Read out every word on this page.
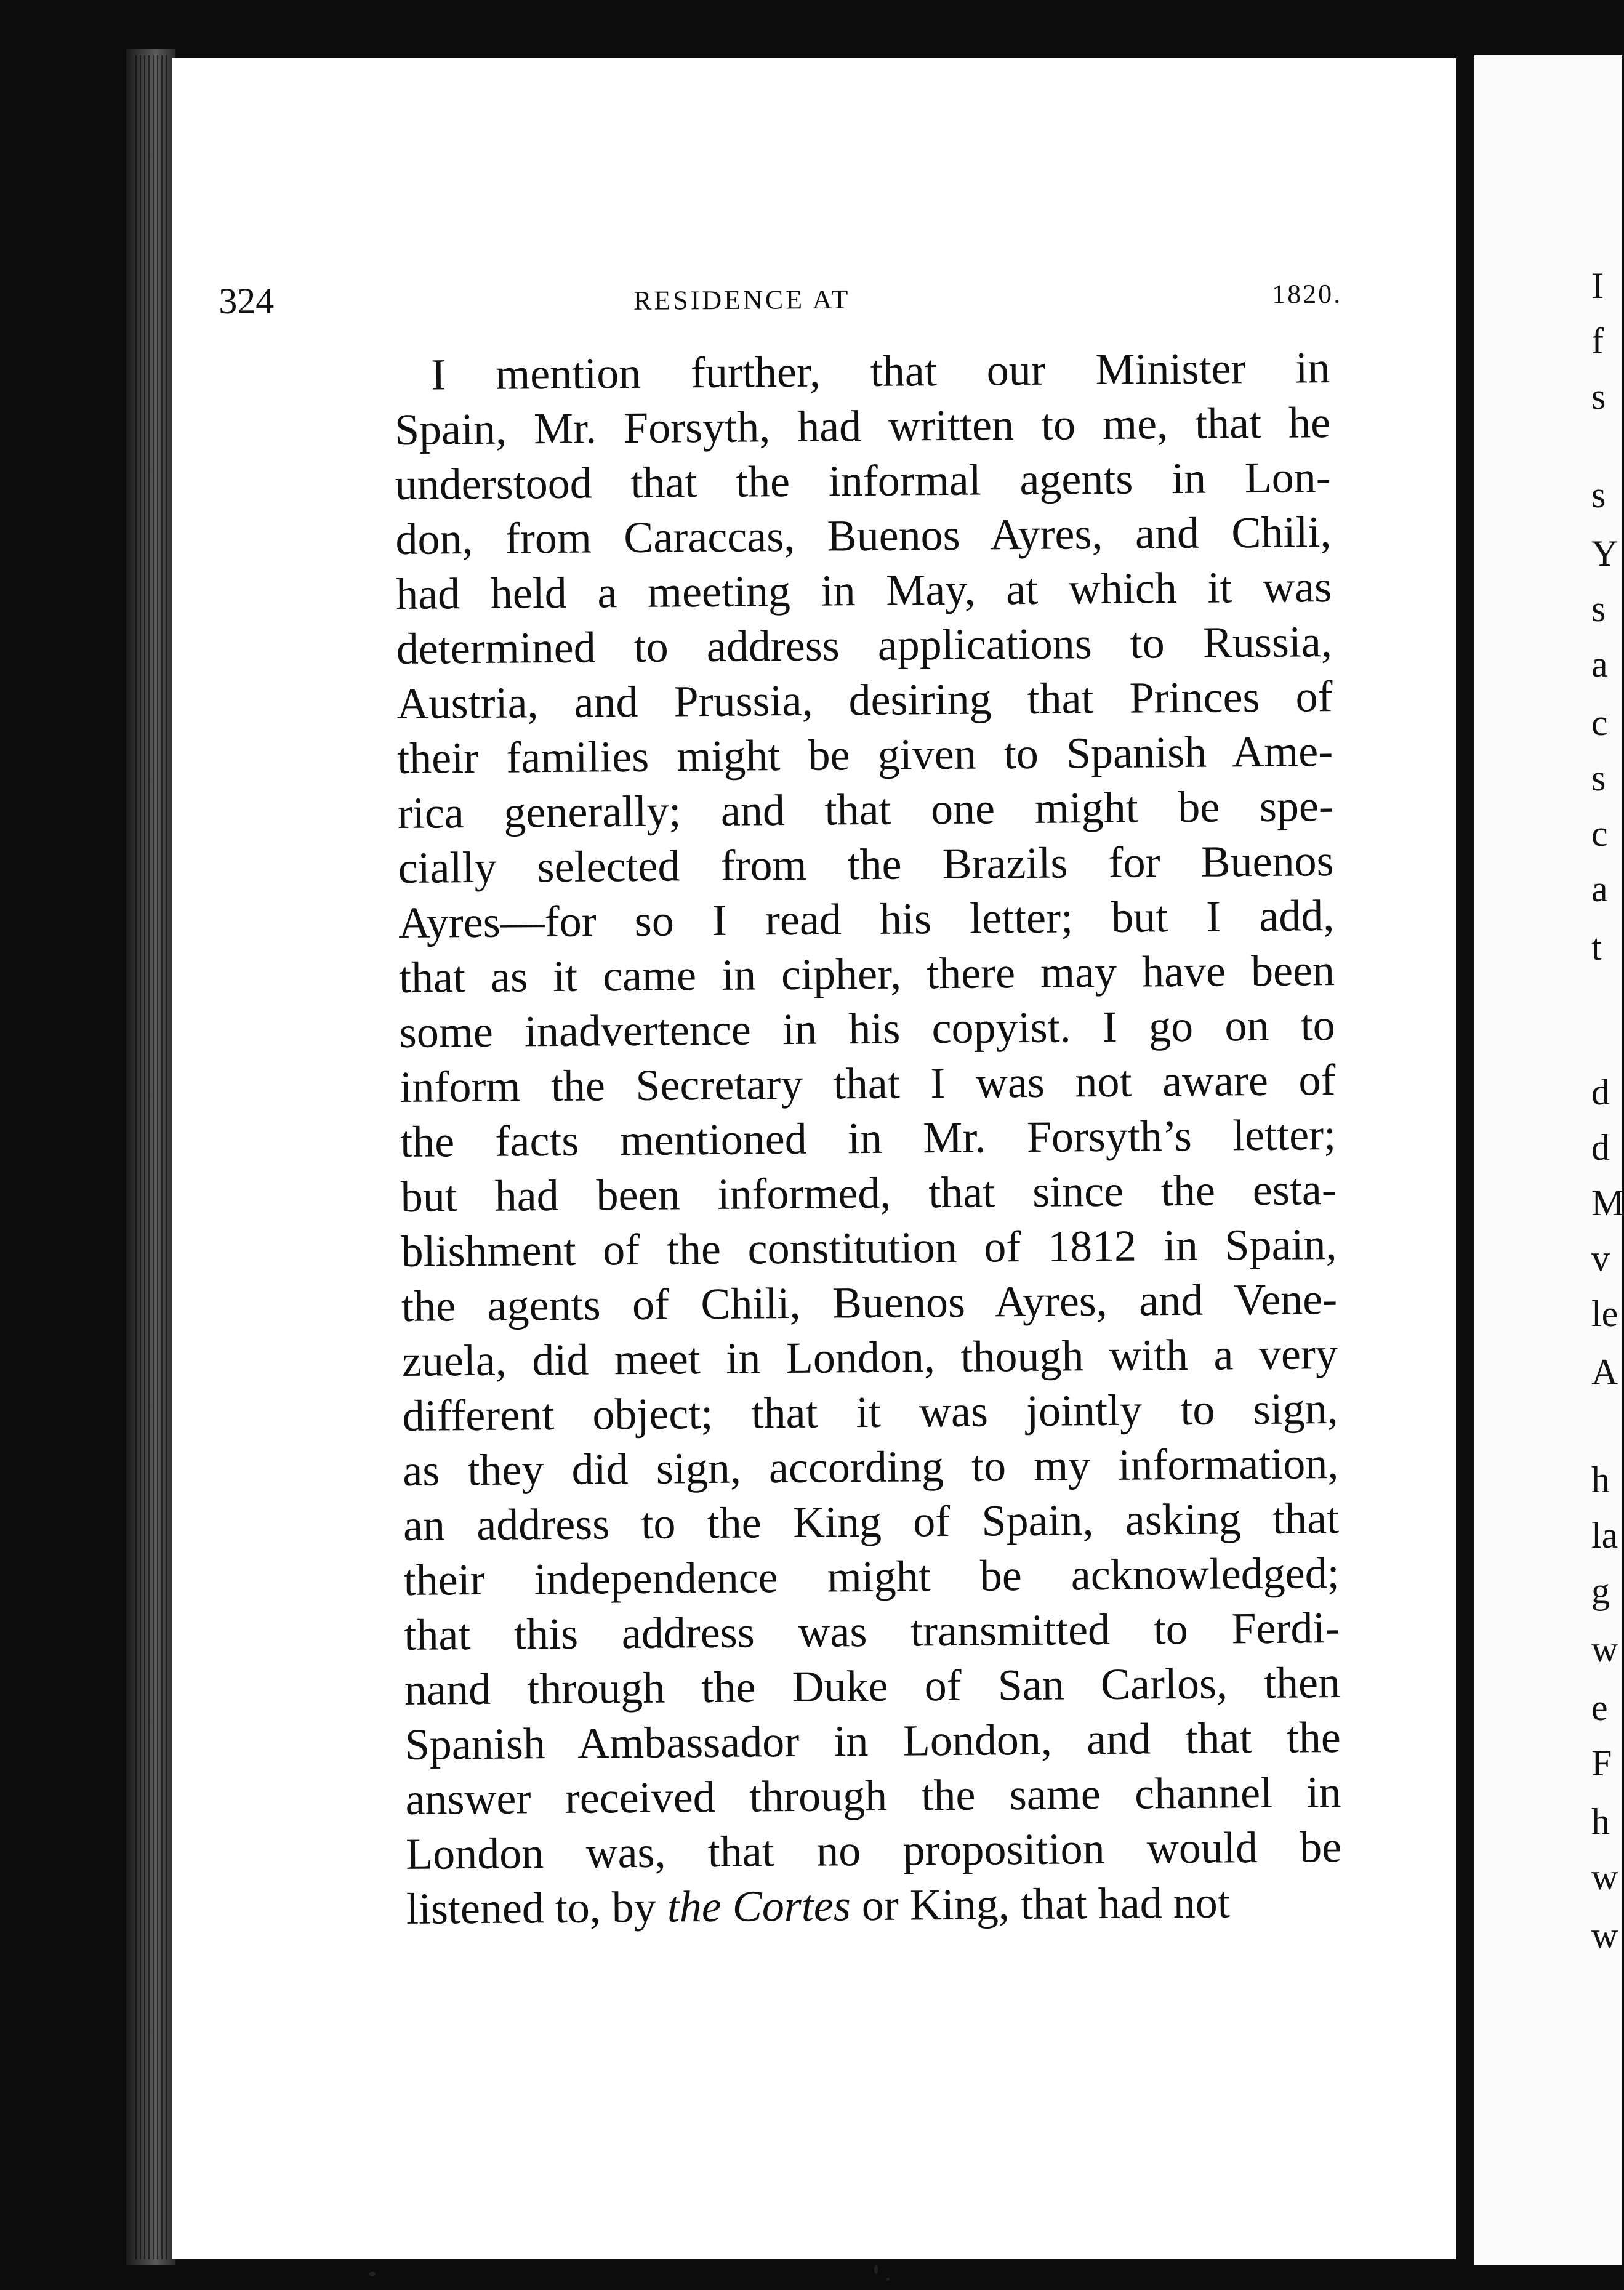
324	RESIDENCE AT	1820.
I mention further, that our Minister in
Spain, Mr. Forsyth, had written to me, that he
understood that the informal agents in Lon-
don, from Caraccas, Buenos Ayres, and Chili,
had held a meeting in May, at which it was
determined to address applications to Russia,
Austria, and Prussia, desiring that Princes of
their families might be given to Spanish Ame-
rica generally; and that one might be spe-
cially selected from the Brazils for Buenos
Ayres—for so I read his letter; but I add,
that as it came in cipher, there may have been
some inadvertence in his copyist. I go on to
inform the Secretary that I was not aware of
the facts mentioned in Mr. Forsyth’s letter;
but had been informed, that since the esta-
blishment of the constitution of 1812 in Spain,
the agents of Chili, Buenos Ayres, and Vene-
zuela, did meet in London, though with a very
different object; that it was jointly to sign,
as they did sign, according to my information,
an address to the King of Spain, asking that
their independence might be acknowledged;
that this address was transmitted to Ferdi-
nand through the Duke of San Carlos, then
Spanish Ambassador in London, and that the
answer received through the same channel in
London was, that no proposition would be
listened to, by the Cortes or King, that had not
I
f
s
s
Y
s
a
c
s
c
a
t
d
d
M
v
le
A
h
la
g
w
e
F
h
w
w
